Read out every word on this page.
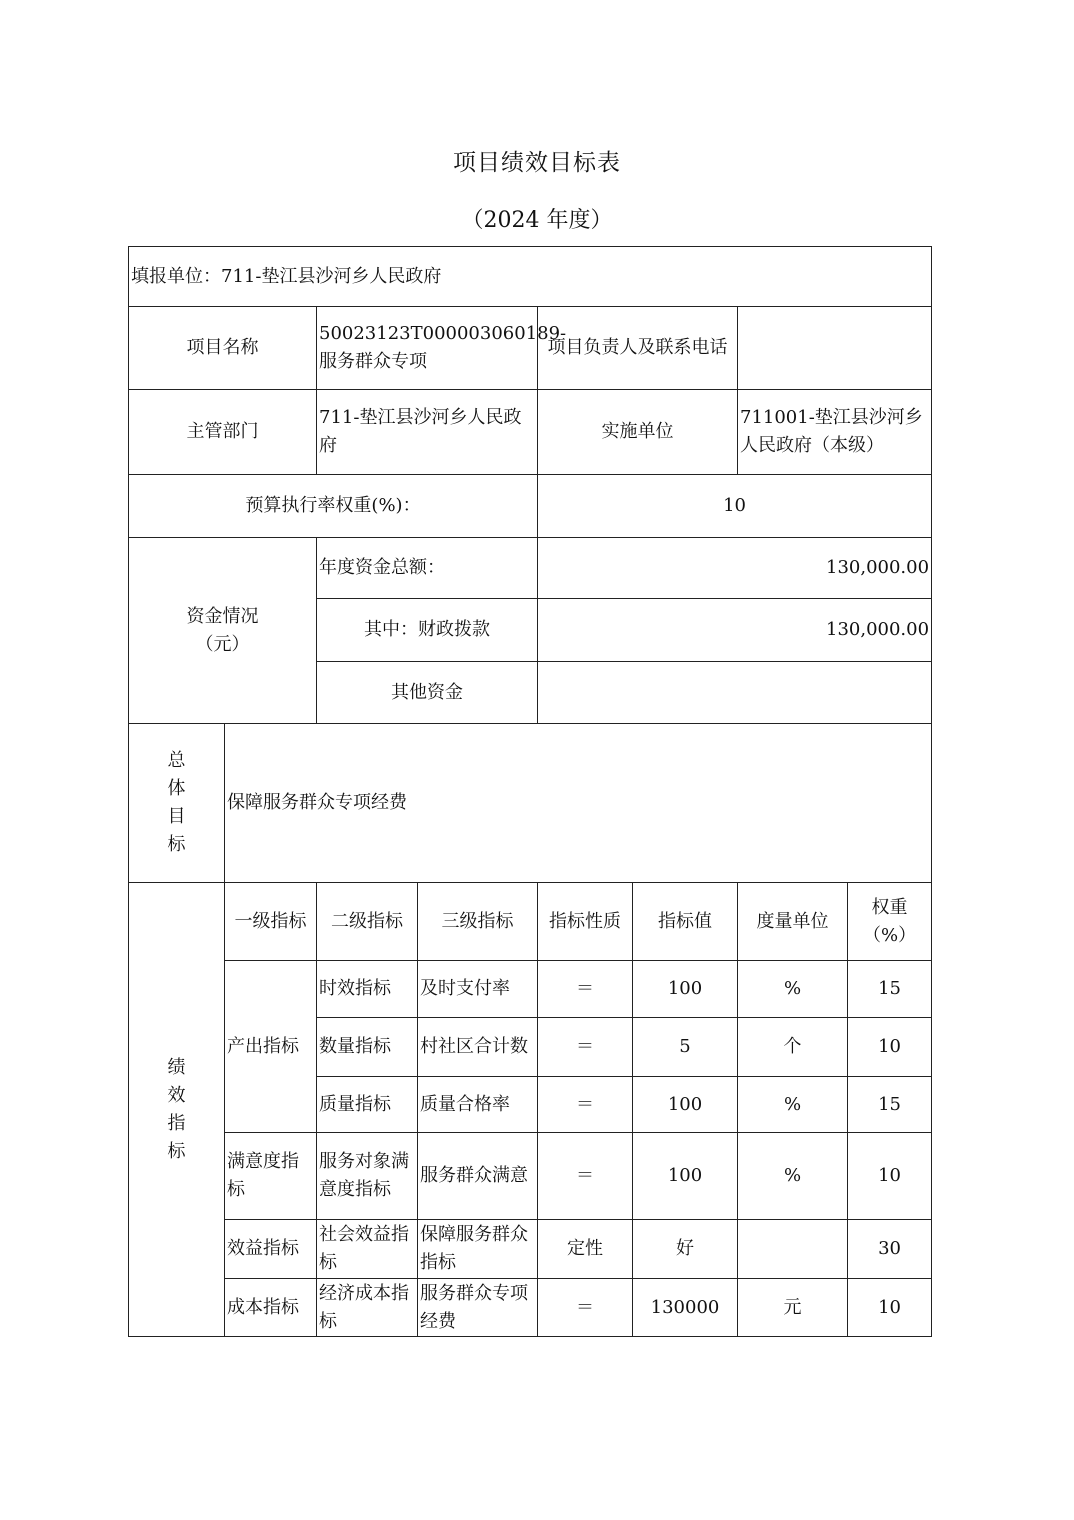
项目绩效目标表
（2024 年度）
填报单位：711-垫江县沙河乡人民政府							
项目名称		50023123T000003060189-服务群众专项		项目负责人及联系电话			
主管部门		711-垫江县沙河乡人民政府		实施单位		711001-垫江县沙河乡人民政府（本级）	
预算执行率权重(%)：				10			

资金情况（元）		年度资金总额：		130,000.00			
		其中：财政拨款		130,000.00			
		其他资金					
总体目标	保障服务群众专项经费						
绩效指标	一级指标	二级指标	三级指标	指标性质	指标值	度量单位	权重（%）
	产出指标	时效指标	及时支付率	＝	100	%	15
		数量指标	村社区合计数	＝	5	个	10
		质量指标	质量合格率	＝	100	%	15
	满意度指标	服务对象满意度指标	服务群众满意	＝	100	%	10
	效益指标	社会效益指标	保障服务群众指标	定性	好		30
	成本指标	经济成本指标	服务群众专项经费	＝	130000	元	10
